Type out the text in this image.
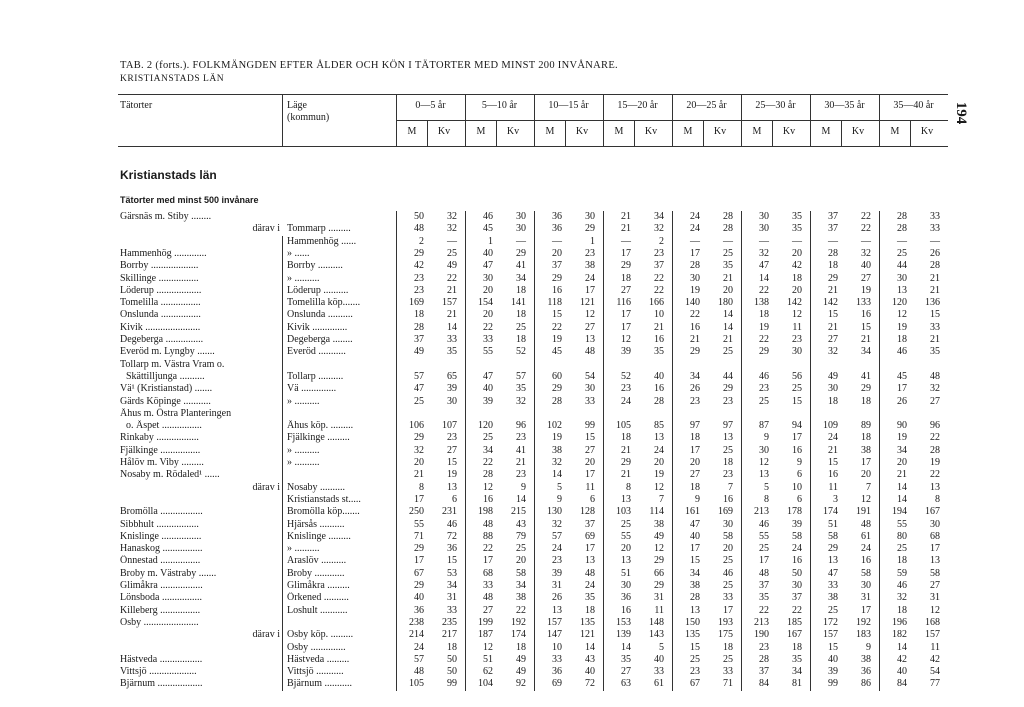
TAB. 2 (forts.). FOLKMÄNGDEN EFTER ÅLDER OCH KÖN I TÄTORTER MED MINST 200 INVÅNARE.
KRISTIANSTADS LÄN
194
Tätorter	Läge
(kommun)
0—5 år
M	Kv
5—10 år
M	Kv
10—15 år
M	Kv
15—20 år
M	Kv
20—25 år
M	Kv
25—30 år
M	Kv
30—35 år
M	Kv
35—40 år
M	Kv
Kristianstads län
Tätorter med minst 500 invånare
Gärsnäs m. Stiby ........	50	32	46	30	36	30	21	34	24	28	30	35	37	22	28	33
därav i Tommarp .........	48	32	45	30	36	29	21	32	24	28	30	35	37	22	28	33
Hammenhög ......	2	—	1	—	—	1	—	2	—	—	—	—	—	—	—	—
Hammenhög .............	» ......	29	25	40	29	20	23	17	23	17	25	32	20	28	32	25	26
Borrby ...................	Borrby ..........	42	49	47	41	37	38	29	37	28	35	47	42	18	40	44	28
Skillinge ................	» ..........	23	22	30	34	29	24	18	22	30	21	14	18	29	27	30	21
Löderup ..................	Löderup ..........	23	21	20	18	16	17	27	22	19	20	22	20	21	19	13	21
Tomelilla ................	Tomelilla köp.......	169	157	154	141	118	121	116	166	140	180	138	142	142	133	120	136
Onslunda ................	Onslunda ..........	18	21	20	18	15	12	17	10	22	14	18	12	15	16	12	15
Kivik ......................	Kivik ..............	28	14	22	25	22	27	17	21	16	14	19	11	21	15	19	33
Degeberga ...............	Degeberga ........	37	33	33	18	19	13	12	16	21	21	22	23	27	21	18	21
Everöd m. Lyngby .......	Everöd ...........	49	35	55	52	45	48	39	35	29	25	29	30	32	34	46	35
Tollarp m. Västra Vram o.
Skättilljunga ..........	Tollarp ..........	57	65	47	57	60	54	52	40	34	44	46	56	49	41	45	48
Vä¹ (Kristianstad) .......	Vä ..............	47	39	40	35	29	30	23	16	26	29	23	25	30	29	17	32
Gärds Köpinge ...........	» ..........	25	30	39	32	28	33	24	28	23	23	25	15	18	18	26	27
Åhus m. Östra Planteringen
o. Äspet ................	Åhus köp. .........	106	107	120	96	102	99	105	85	97	97	87	94	109	89	90	96
Rinkaby .................	Fjälkinge .........	29	23	25	23	19	15	18	13	18	13	9	17	24	18	19	22
Fjälkinge ................	» ..........	32	27	34	41	38	27	21	24	17	25	30	16	21	38	34	28
Hålöv m. Viby .........	» ..........	20	15	22	21	32	20	29	20	20	18	12	9	15	17	20	19
Nosaby m. Rödaled¹ ......	21	19	28	23	14	17	21	19	27	23	13	6	16	20	21	22
därav i Nosaby ..........	8	13	12	9	5	11	8	12	18	7	5	10	11	7	14	13
Kristianstads st.....	17	6	16	14	9	6	13	7	9	16	8	6	3	12	14	8
Bromölla .................	Bromölla köp.......	250	231	198	215	130	128	103	114	161	169	213	178	174	191	194	167
Sibbhult .................	Hjärsås ..........	55	46	48	43	32	37	25	38	47	30	46	39	51	48	55	30
Knislinge ................	Knislinge .........	71	72	88	79	57	69	55	49	40	58	55	58	58	61	80	68
Hanaskog ................	» ..........	29	36	22	25	24	17	20	12	17	20	25	24	29	24	25	17
Önnestad ................	Araslöv ..........	17	15	17	20	23	13	13	29	15	25	17	16	13	16	18	13
Broby m. Västraby .......	Broby ............	67	53	68	58	39	48	51	66	34	46	48	50	47	58	59	58
Glimåkra .................	Glimåkra .........	29	34	33	34	31	24	30	29	38	25	37	30	33	30	46	27
Lönsboda ................	Örkened ..........	40	31	48	38	26	35	36	31	28	33	35	37	38	31	32	31
Killeberg ................	Loshult ...........	36	33	27	22	13	18	16	11	13	17	22	22	25	17	18	12
Osby ......................	238	235	199	192	157	135	153	148	150	193	213	185	172	192	196	168
därav i Osby köp. .........	214	217	187	174	147	121	139	143	135	175	190	167	157	183	182	157
Osby ..............	24	18	12	18	10	14	14	5	15	18	23	18	15	9	14	11
Hästveda .................	Hästveda .........	57	50	51	49	33	43	35	40	25	25	28	35	40	38	42	42
Vittsjö ...................	Vittsjö ...........	48	50	62	49	36	40	27	33	23	33	37	34	39	36	40	54
Bjärnum ..................	Bjärnum ...........	105	99	104	92	69	72	63	61	67	71	84	81	99	86	84	77
